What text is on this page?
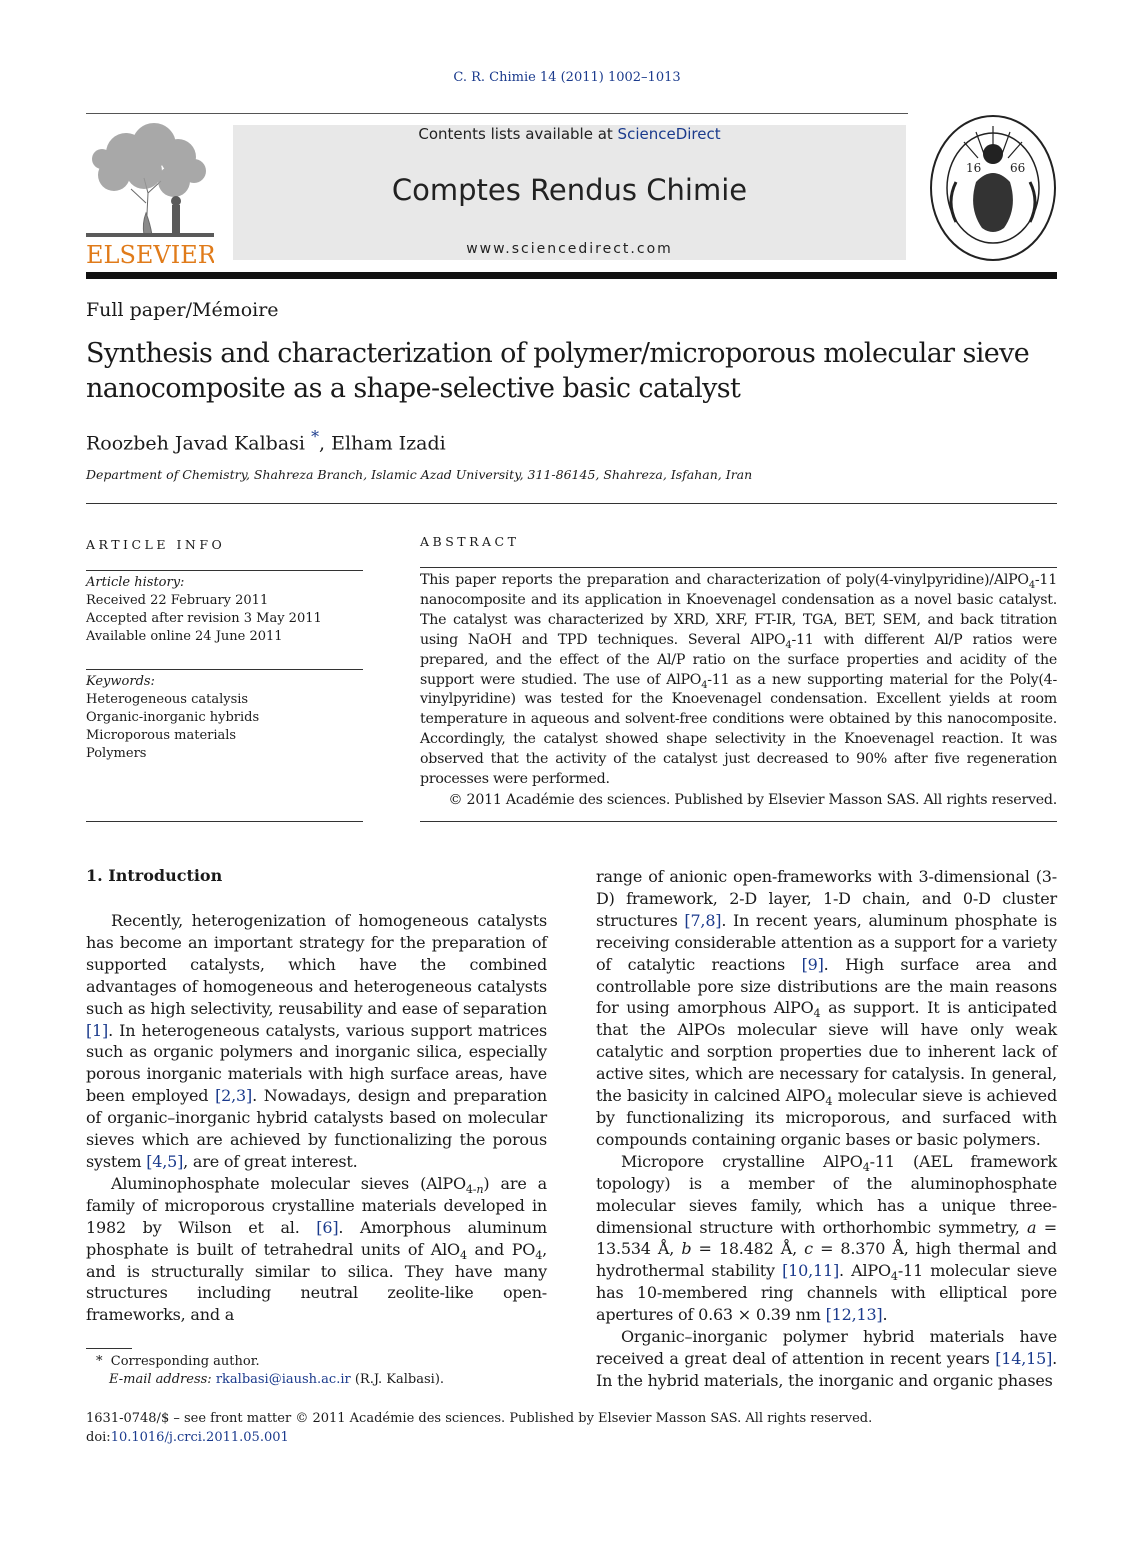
C. R. Chimie 14 (2011) 1002–1013
ELSEVIER
Contents lists available at ScienceDirect
Comptes Rendus Chimie
www.sciencedirect.com
16 66
Full paper/Mémoire
Synthesis and characterization of polymer/microporous molecular sieve nanocomposite as a shape-selective basic catalyst
Roozbeh Javad Kalbasi *, Elham Izadi
Department of Chemistry, Shahreza Branch, Islamic Azad University, 311-86145, Shahreza, Isfahan, Iran
ARTICLE INFO
Article history:
Received 22 February 2011
Accepted after revision 3 May 2011
Available online 24 June 2011
Keywords:
Heterogeneous catalysis
Organic-inorganic hybrids
Microporous materials
Polymers
ABSTRACT
This paper reports the preparation and characterization of poly(4-vinylpyridine)/AlPO$_4$-11 nanocomposite and its application in Knoevenagel condensation as a novel basic catalyst. The catalyst was characterized by XRD, XRF, FT-IR, TGA, BET, SEM, and back titration using NaOH and TPD techniques. Several AlPO$_4$-11 with different Al/P ratios were prepared, and the effect of the Al/P ratio on the surface properties and acidity of the support were studied. The use of AlPO$_4$-11 as a new supporting material for the Poly(4-vinylpyridine) was tested for the Knoevenagel condensation. Excellent yields at room temperature in aqueous and solvent-free conditions were obtained by this nanocomposite. Accordingly, the catalyst showed shape selectivity in the Knoevenagel reaction. It was observed that the activity of the catalyst just decreased to 90% after five regeneration processes were performed.
© 2011 Académie des sciences. Published by Elsevier Masson SAS. All rights reserved.
1. Introduction

Recently, heterogenization of homogeneous catalysts has become an important strategy for the preparation of supported catalysts, which have the combined advantages of homogeneous and heterogeneous catalysts such as high selectivity, reusability and ease of separation [1]. In heterogeneous catalysts, various support matrices such as organic polymers and inorganic silica, especially porous inorganic materials with high surface areas, have been employed [2,3]. Nowadays, design and preparation of organic–inorganic hybrid catalysts based on molecular sieves which are achieved by functionalizing the porous system [4,5], are of great interest.

Aluminophosphate molecular sieves (AlPO$_{4-n}$) are a family of microporous crystalline materials developed in 1982 by Wilson et al. [6]. Amorphous aluminum phosphate is built of tetrahedral units of AlO$_4$ and $PO_4$, and is structurally similar to silica. They have many structures including neutral zeolite-like open-frameworks, and a

range of anionic open-frameworks with 3-dimensional (3-D) framework, 2-D layer, 1-D chain, and 0-D cluster structures [7,8]. In recent years, aluminum phosphate is receiving considerable attention as a support for a variety of catalytic reactions [9]. High surface area and controllable pore size distributions are the main reasons for using amorphous AlPO$_4$ as support. It is anticipated that the AlPOs molecular sieve will have only weak catalytic and sorption properties due to inherent lack of active sites, which are necessary for catalysis. In general, the basicity in calcined AlPO$_4$ molecular sieve is achieved by functionalizing its microporous, and surfaced with compounds containing organic bases or basic polymers.

Micropore crystalline AlPO$_4$-11 (AEL framework topology) is a member of the aluminophosphate molecular sieves family, which has a unique three-dimensional structure with orthorhombic symmetry, a = 13.534 Å, b = 18.482 Å, c = 8.370 Å, high thermal and hydrothermal stability [10,11]. AlPO$_4$-11 molecular sieve has 10-membered ring channels with elliptical pore apertures of 0.63 × 0.39 nm [12,13].

Organic–inorganic polymer hybrid materials have received a great deal of attention in recent years [14,15]. In the hybrid materials, the inorganic and organic phases

* Corresponding author.
E-mail address: rkalbasi@iaush.ac.ir (R.J. Kalbasi).
1631-0748/$ – see front matter © 2011 Académie des sciences. Published by Elsevier Masson SAS. All rights reserved.
doi:10.1016/j.crci.2011.05.001
